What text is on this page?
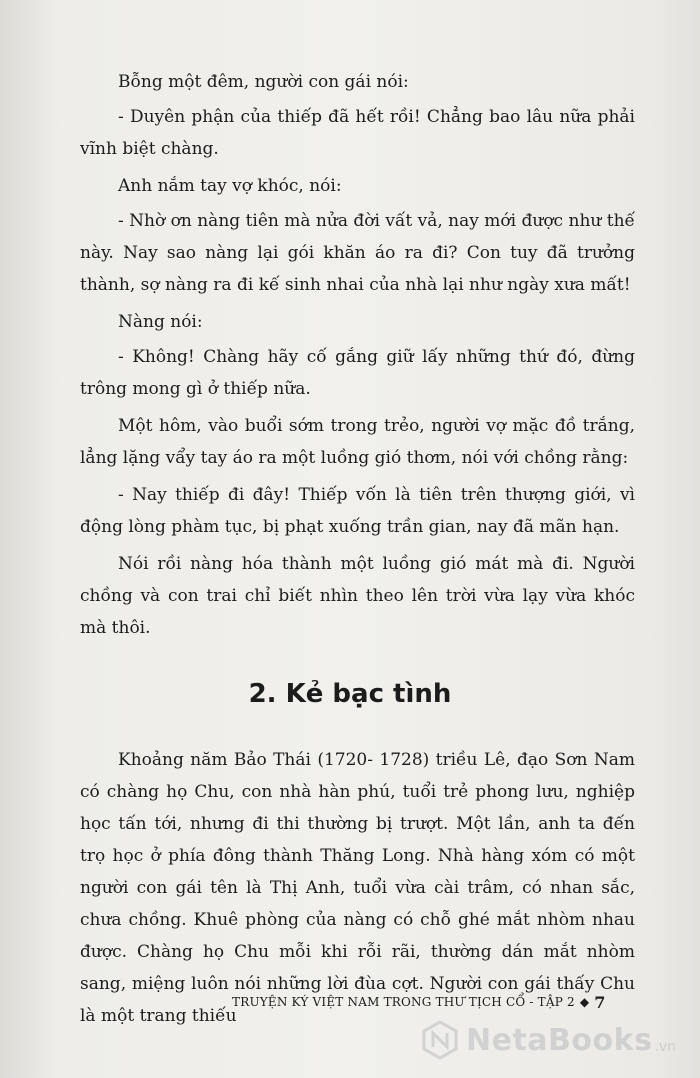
Bỗng một đêm, người con gái nói:

- Duyên phận của thiếp đã hết rồi! Chẳng bao lâu nữa phải vĩnh biệt chàng.

Anh nắm tay vợ khóc, nói:

- Nhờ ơn nàng tiên mà nửa đời vất vả, nay mới được như thế này. Nay sao nàng lại gói khăn áo ra đi? Con tuy đã trưởng thành, sợ nàng ra đi kế sinh nhai của nhà lại như ngày xưa mất!

Nàng nói:

- Không! Chàng hãy cố gắng giữ lấy những thứ đó, đừng trông mong gì ở thiếp nữa.

Một hôm, vào buổi sớm trong trẻo, người vợ mặc đồ trắng, lẳng lặng vẩy tay áo ra một luồng gió thơm, nói với chồng rằng:

- Nay thiếp đi đây! Thiếp vốn là tiên trên thượng giới, vì động lòng phàm tục, bị phạt xuống trần gian, nay đã mãn hạn.

Nói rồi nàng hóa thành một luồng gió mát mà đi. Người chồng và con trai chỉ biết nhìn theo lên trời vừa lạy vừa khóc mà thôi.

2. Kẻ bạc tình

Khoảng năm Bảo Thái (1720- 1728) triều Lê, đạo Sơn Nam có chàng họ Chu, con nhà hàn phú, tuổi trẻ phong lưu, nghiệp học tấn tới, nhưng đi thi thường bị trượt. Một lần, anh ta đến trọ học ở phía đông thành Thăng Long. Nhà hàng xóm có một người con gái tên là Thị Anh, tuổi vừa cài trâm, có nhan sắc, chưa chồng. Khuê phòng của nàng có chỗ ghé mắt nhòm nhau được. Chàng họ Chu mỗi khi rỗi rãi, thường dán mắt nhòm sang, miệng luôn nói những lời đùa cợt. Người con gái thấy Chu là một trang thiếu

TRUYỆN KÝ VIỆT NAM TRONG THƯ TỊCH CỔ - TẬP 2 ◆ 7
NetaBooks .vn
